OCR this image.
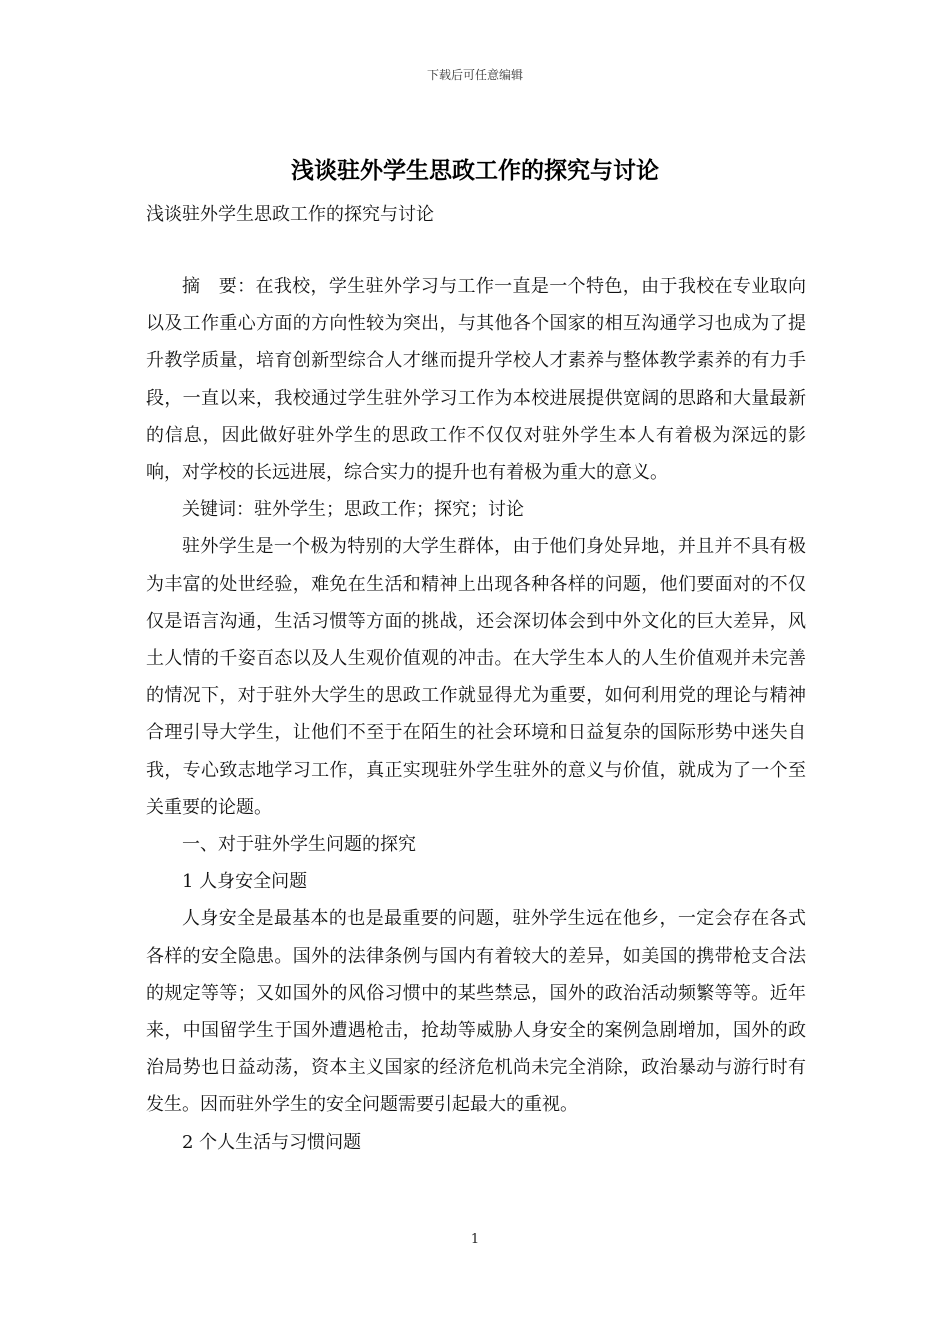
下载后可任意编辑
浅谈驻外学生思政工作的探究与讨论

浅谈驻外学生思政工作的探究与讨论

摘　要：在我校，学生驻外学习与工作一直是一个特色，由于我校在专业取向以及工作重心方面的方向性较为突出，与其他各个国家的相互沟通学习也成为了提升教学质量，培育创新型综合人才继而提升学校人才素养与整体教学素养的有力手段，一直以来，我校通过学生驻外学习工作为本校进展提供宽阔的思路和大量最新的信息，因此做好驻外学生的思政工作不仅仅对驻外学生本人有着极为深远的影响，对学校的长远进展，综合实力的提升也有着极为重大的意义。

关键词：驻外学生；思政工作；探究；讨论

驻外学生是一个极为特别的大学生群体，由于他们身处异地，并且并不具有极为丰富的处世经验，难免在生活和精神上出现各种各样的问题，他们要面对的不仅仅是语言沟通，生活习惯等方面的挑战，还会深切体会到中外文化的巨大差异，风土人情的千姿百态以及人生观价值观的冲击。在大学生本人的人生价值观并未完善的情况下，对于驻外大学生的思政工作就显得尤为重要，如何利用党的理论与精神合理引导大学生，让他们不至于在陌生的社会环境和日益复杂的国际形势中迷失自我，专心致志地学习工作，真正实现驻外学生驻外的意义与价值，就成为了一个至关重要的论题。

一、对于驻外学生问题的探究

1 人身安全问题

人身安全是最基本的也是最重要的问题，驻外学生远在他乡，一定会存在各式各样的安全隐患。国外的法律条例与国内有着较大的差异，如美国的携带枪支合法的规定等等；又如国外的风俗习惯中的某些禁忌，国外的政治活动频繁等等。近年来，中国留学生于国外遭遇枪击，抢劫等威胁人身安全的案例急剧增加，国外的政治局势也日益动荡，资本主义国家的经济危机尚未完全消除，政治暴动与游行时有发生。因而驻外学生的安全问题需要引起最大的重视。

2 个人生活与习惯问题

1
